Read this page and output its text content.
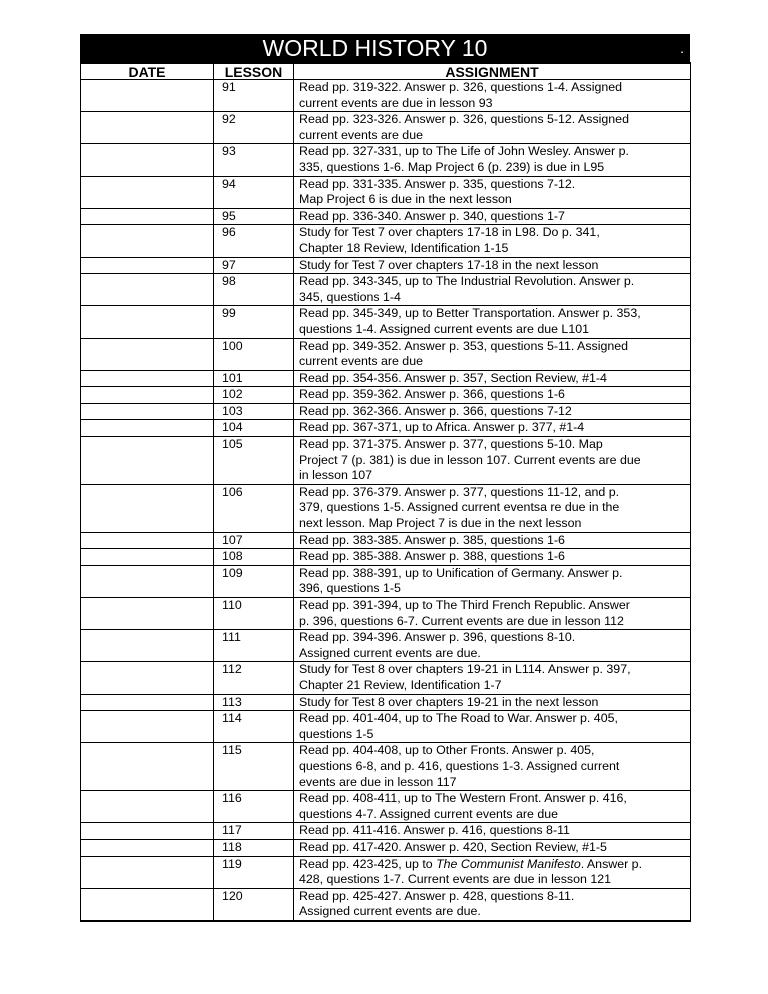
WORLD HISTORY 10	.
DATE	LESSON	ASSIGNMENT
	91	Read pp. 319-322. Answer p. 326, questions 1-4. Assigned
current events are due in lesson 93

	92	Read pp. 323-326. Answer p. 326, questions 5-12. Assigned
current events are due

	93	Read pp. 327-331, up to The Life of John Wesley. Answer p.
335, questions 1-6. Map Project 6 (p. 239) is due in L95

	94	Read pp. 331-335. Answer p. 335, questions 7-12.
Map Project 6 is due in the next lesson

	95	Read pp. 336-340. Answer p. 340, questions 1-7

	96	Study for Test 7 over chapters 17-18 in L98. Do p. 341,
Chapter 18 Review, Identification 1-15

	97	Study for Test 7 over chapters 17-18 in the next lesson

	98	Read pp. 343-345, up to The Industrial Revolution. Answer p.
345, questions 1-4

	99	Read pp. 345-349, up to Better Transportation. Answer p. 353,
questions 1-4. Assigned current events are due L101

	100	Read pp. 349-352. Answer p. 353, questions 5-11. Assigned
current events are due

	101	Read pp. 354-356. Answer p. 357, Section Review, #1-4

	102	Read pp. 359-362. Answer p. 366, questions 1-6

	103	Read pp. 362-366. Answer p. 366, questions 7-12

	104	Read pp. 367-371, up to Africa. Answer p. 377, #1-4

	105	Read pp. 371-375. Answer p. 377, questions 5-10. Map
Project 7 (p. 381) is due in lesson 107. Current events are due
in lesson 107

	106	Read pp. 376-379. Answer p. 377, questions 11-12, and p.
379, questions 1-5. Assigned current eventsa re due in the
next lesson. Map Project 7 is due in the next lesson

	107	Read pp. 383-385. Answer p. 385, questions 1-6

	108	Read pp. 385-388. Answer p. 388, questions 1-6

	109	Read pp. 388-391, up to Unification of Germany. Answer p.
396, questions 1-5

	110	Read pp. 391-394, up to The Third French Republic. Answer
p. 396, questions 6-7. Current events are due in lesson 112

	111	Read pp. 394-396. Answer p. 396, questions 8-10.
Assigned current events are due.

	112	Study for Test 8 over chapters 19-21 in L114. Answer p. 397,
Chapter 21 Review, Identification 1-7

	113	Study for Test 8 over chapters 19-21 in the next lesson

	114	Read pp. 401-404, up to The Road to War. Answer p. 405,
questions 1-5

	115	Read pp. 404-408, up to Other Fronts. Answer p. 405,
questions 6-8, and p. 416, questions 1-3. Assigned current
events are due in lesson 117

	116	Read pp. 408-411, up to The Western Front. Answer p. 416,
questions 4-7. Assigned current events are due

	117	Read pp. 411-416. Answer p. 416, questions 8-11

	118	Read pp. 417-420. Answer p. 420, Section Review, #1-5

	119	Read pp. 423-425, up to The Communist Manifesto. Answer p.
428, questions 1-7. Current events are due in lesson 121

	120	Read pp. 425-427. Answer p. 428, questions 8-11.
Assigned current events are due.
